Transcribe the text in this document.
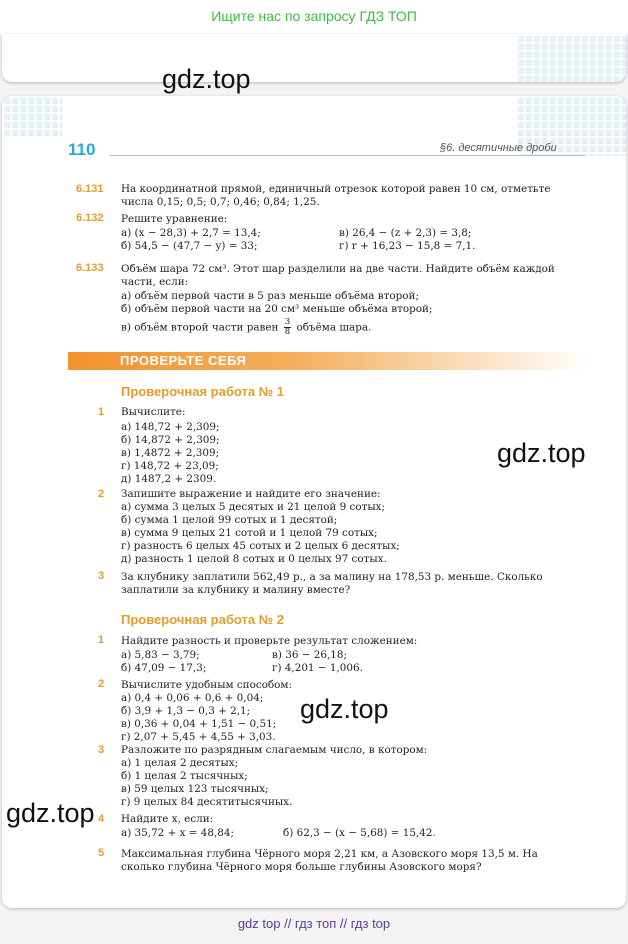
Ищите нас по запросу ГДЗ ТОП
gdz.top
gdz.top
gdz.top
gdz.top
110	§6. десятичные дроби
6.131 На координатной прямой, единичный отрезок которой равен 10 см, отметьте
числа 0,15; 0,5; 0,7; 0,46; 0,84; 1,25.
6.132 Решите уравнение:
а) (x − 28,3) + 2,7 = 13,4;	в) 26,4 − (z + 2,3) = 3,8;
б) 54,5 − (47,7 − y) = 33;	г) r + 16,23 − 15,8 = 7,1.
6.133 Объём шара 72 см³. Этот шар разделили на две части. Найдите объём каждой
части, если:
а) объём первой части в 5 раз меньше объёма второй;
б) объём первой части на 20 см³ меньше объёма второй;
в) объём второй части равен $\frac{3}{8}$ объёма шара.
ПРОВЕРЬТЕ СЕБЯ
Проверочная работа № 1
1 Вычислите:
а) 148,72 + 2,309;
б) 14,872 + 2,309;
в) 1,4872 + 2,309;
г) 148,72 + 23,09;
д) 1487,2 + 2309.
2 Запишите выражение и найдите его значение:
а) сумма 3 целых 5 десятых и 21 целой 9 сотых;
б) сумма 1 целой 99 сотых и 1 десятой;
в) сумма 9 целых 21 сотой и 1 целой 79 сотых;
г) разность 6 целых 45 сотых и 2 целых 6 десятых;
д) разность 1 целой 8 сотых и 0 целых 97 сотых.
3 За клубнику заплатили 562,49 р., а за малину на 178,53 р. меньше. Сколько
заплатили за клубнику и малину вместе?
Проверочная работа № 2
1 Найдите разность и проверьте результат сложением:
а) 5,83 − 3,79;	в) 36 − 26,18;
б) 47,09 − 17,3;	г) 4,201 − 1,006.
2 Вычислите удобным способом:
а) 0,4 + 0,06 + 0,6 + 0,04;
б) 3,9 + 1,3 − 0,3 + 2,1;
в) 0,36 + 0,04 + 1,51 − 0,51;
г) 2,07 + 5,45 + 4,55 + 3,03.
3 Разложите по разрядным слагаемым число, в котором:
а) 1 целая 2 десятых;
б) 1 целая 2 тысячных;
в) 59 целых 123 тысячных;
г) 9 целых 84 десятитысячных.
4 Найдите x, если:
а) 35,72 + x = 48,84;	б) 62,3 − (x − 5,68) = 15,42.
5 Максимальная глубина Чёрного моря 2,21 км, а Азовского моря 13,5 м. На
сколько глубина Чёрного моря больше глубины Азовского моря?
gdz top // гдз топ // гдз top
